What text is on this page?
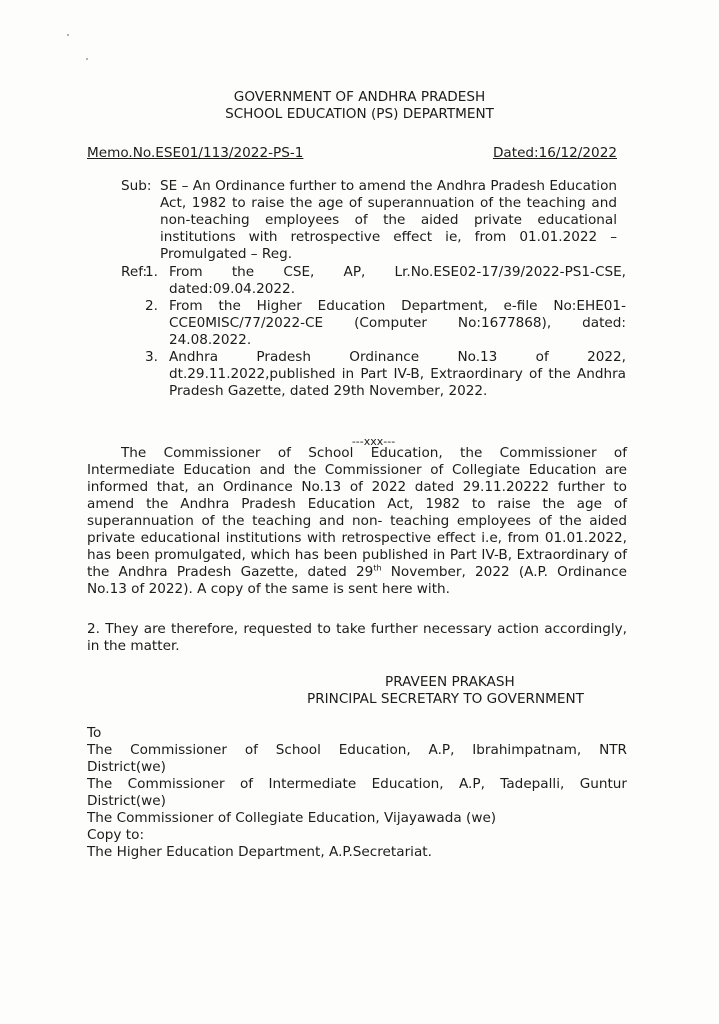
GOVERNMENT OF ANDHRA PRADESH
SCHOOL EDUCATION (PS) DEPARTMENT
Memo.No.ESE01/113/2022-PS-1	Dated:16/12/2022
Sub: SE – An Ordinance further to amend the Andhra Pradesh Education Act, 1982 to raise the age of superannuation of the teaching and non-teaching employees of the aided private educational institutions with retrospective effect ie, from 01.01.2022 – Promulgated – Reg.
Ref:
1. From the CSE, AP, Lr.No.ESE02-17/39/2022-PS1-CSE, dated:09.04.2022.
2. From the Higher Education Department, e-file No:EHE01-CCE0MISC/77/2022-CE (Computer No:1677868), dated: 24.08.2022.
3. Andhra Pradesh Ordinance No.13 of 2022, dt.29.11.2022,published in Part IV-B, Extraordinary of the Andhra Pradesh Gazette, dated 29th November, 2022.
---xxx---
The Commissioner of School Education, the Commissioner of Intermediate Education and the Commissioner of Collegiate Education are informed that, an Ordinance No.13 of 2022 dated 29.11.20222 further to amend the Andhra Pradesh Education Act, 1982 to raise the age of superannuation of the teaching and non- teaching employees of the aided private educational institutions with retrospective effect i.e, from 01.01.2022, has been promulgated, which has been published in Part IV-B, Extraordinary of the Andhra Pradesh Gazette, dated 29th November, 2022 (A.P. Ordinance No.13 of 2022). A copy of the same is sent here with.
2. They are therefore, requested to take further necessary action accordingly, in the matter.
PRAVEEN PRAKASH
PRINCIPAL SECRETARY TO GOVERNMENT
To
The Commissioner of School Education, A.P, Ibrahimpatnam, NTR
District(we)
The Commissioner of Intermediate Education, A.P, Tadepalli, Guntur
District(we)
The Commissioner of Collegiate Education, Vijayawada (we)
Copy to:
The Higher Education Department, A.P.Secretariat.
